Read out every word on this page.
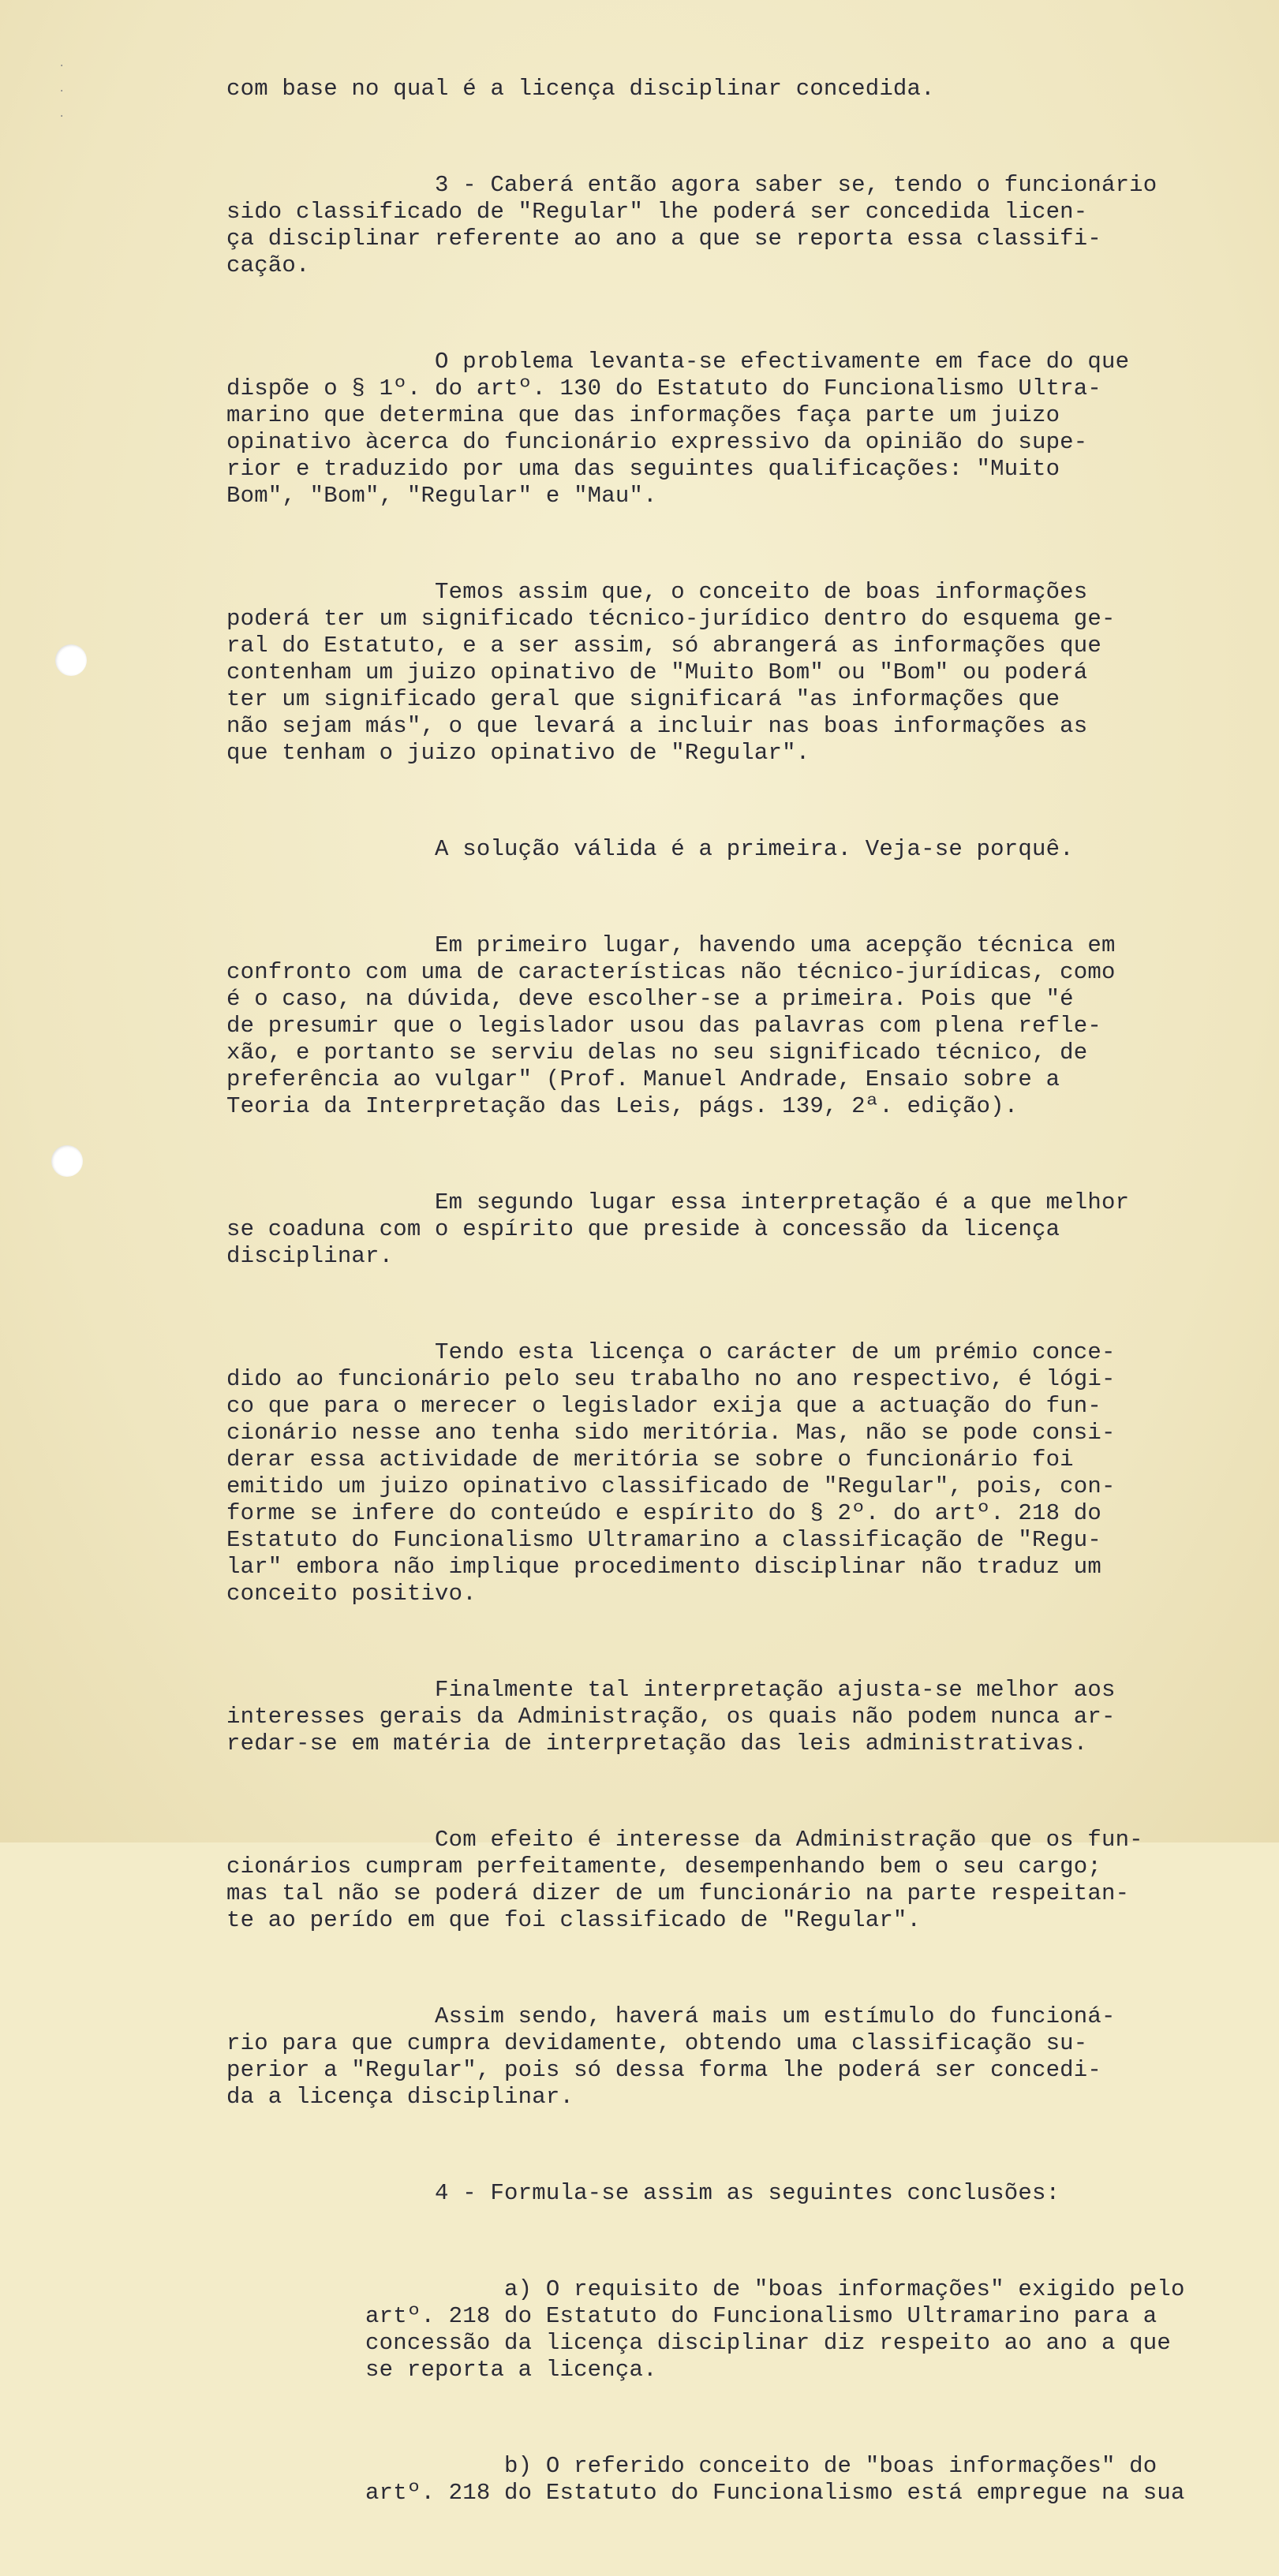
·
·
·

com base no qual é a licença disciplinar concedida.

3 - Caberá então agora saber se, tendo o funcionário
sido classificado de "Regular" lhe poderá ser concedida licen-
ça disciplinar referente ao ano a que se reporta essa classifi-
cação.

O problema levanta-se efectivamente em face do que
dispõe o § 1º. do artº. 130 do Estatuto do Funcionalismo Ultra-
marino que determina que das informações faça parte um juizo
opinativo àcerca do funcionário expressivo da opinião do supe-
rior e traduzido por uma das seguintes qualificações: "Muito
Bom", "Bom", "Regular" e "Mau".

Temos assim que, o conceito de boas informações
poderá ter um significado técnico-jurídico dentro do esquema ge-
ral do Estatuto, e a ser assim, só abrangerá as informações que
contenham um juizo opinativo de "Muito Bom" ou "Bom" ou poderá
ter um significado geral que significará "as informações que
não sejam más", o que levará a incluir nas boas informações as
que tenham o juizo opinativo de "Regular".

A solução válida é a primeira. Veja-se porquê.

Em primeiro lugar, havendo uma acepção técnica em
confronto com uma de características não técnico-jurídicas, como
é o caso, na dúvida, deve escolher-se a primeira. Pois que "é
de presumir que o legislador usou das palavras com plena refle-
xão, e portanto se serviu delas no seu significado técnico, de
preferência ao vulgar" (Prof. Manuel Andrade, Ensaio sobre a
Teoria da Interpretação das Leis, págs. 139, 2ª. edição).

Em segundo lugar essa interpretação é a que melhor
se coaduna com o espírito que preside à concessão da licença
disciplinar.

Tendo esta licença o carácter de um prémio conce-
dido ao funcionário pelo seu trabalho no ano respectivo, é lógi-
co que para o merecer o legislador exija que a actuação do fun-
cionário nesse ano tenha sido meritória. Mas, não se pode consi-
derar essa actividade de meritória se sobre o funcionário foi
emitido um juizo opinativo classificado de "Regular", pois, con-
forme se infere do conteúdo e espírito do § 2º. do artº. 218 do
Estatuto do Funcionalismo Ultramarino a classificação de "Regu-
lar" embora não implique procedimento disciplinar não traduz um
conceito positivo.

Finalmente tal interpretação ajusta-se melhor aos
interesses gerais da Administração, os quais não podem nunca ar-
redar-se em matéria de interpretação das leis administrativas.

Com efeito é interesse da Administração que os fun-
cionários cumpram perfeitamente, desempenhando bem o seu cargo;
mas tal não se poderá dizer de um funcionário na parte respeitan-
te ao perído em que foi classificado de "Regular".

Assim sendo, haverá mais um estímulo do funcioná-
rio para que cumpra devidamente, obtendo uma classificação su-
perior a "Regular", pois só dessa forma lhe poderá ser concedi-
da a licença disciplinar.

4 - Formula-se assim as seguintes conclusões:

a) O requisito de "boas informações" exigido pelo
artº. 218 do Estatuto do Funcionalismo Ultramarino para a
concessão da licença disciplinar diz respeito ao ano a que
se reporta a licença.

b) O referido conceito de "boas informações" do
artº. 218 do Estatuto do Funcionalismo está empregue na sua
